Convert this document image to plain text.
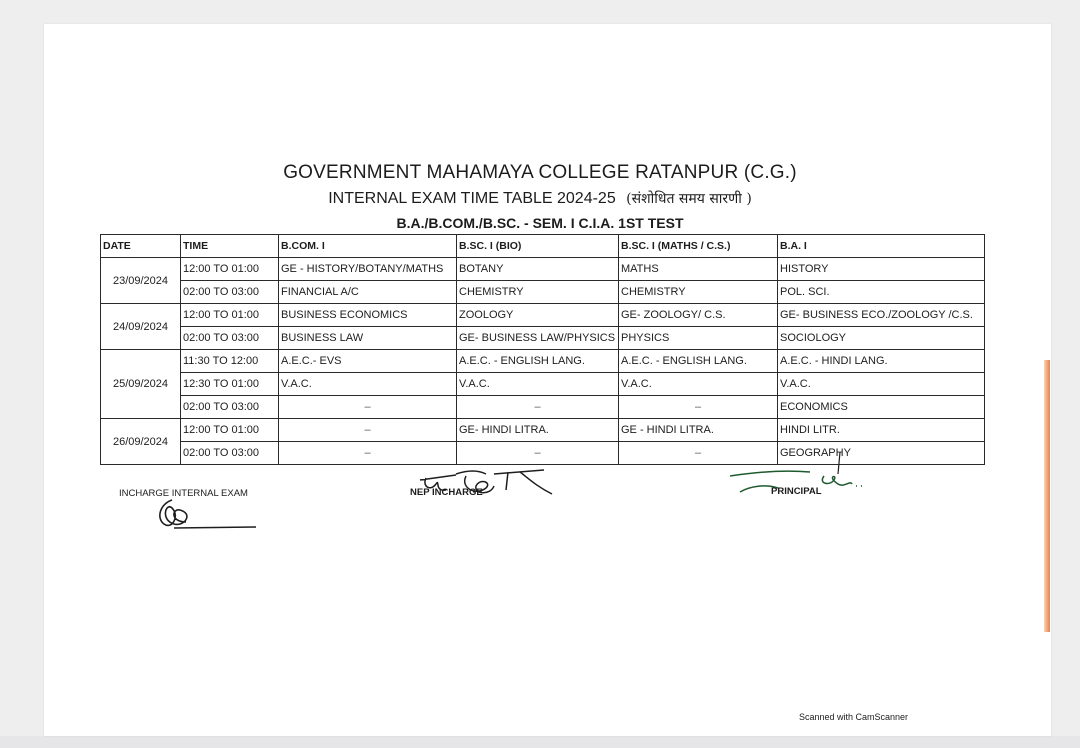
GOVERNMENT MAHAMAYA COLLEGE RATANPUR (C.G.)
INTERNAL EXAM TIME TABLE 2024-25 (संशोधित समय सारणी )
B.A./B.COM./B.SC. - SEM. I C.I.A. 1ST TEST
DATE	TIME	B.COM. I	B.SC. I (BIO)	B.SC. I (MATHS / C.S.)	B.A. I
23/09/2024	12:00 TO 01:00	GE - HISTORY/BOTANY/MATHS	BOTANY	MATHS	HISTORY
	02:00 TO 03:00	FINANCIAL A/C	CHEMISTRY	CHEMISTRY	POL. SCI.
24/09/2024	12:00 TO 01:00	BUSINESS ECONOMICS	ZOOLOGY	GE- ZOOLOGY/ C.S.	GE- BUSINESS ECO./ZOOLOGY /C.S.
	02:00 TO 03:00	BUSINESS LAW	GE- BUSINESS LAW/PHYSICS	PHYSICS	SOCIOLOGY
25/09/2024	11:30 TO 12:00	A.E.C.- EVS	A.E.C. - ENGLISH LANG.	A.E.C. - ENGLISH LANG.	A.E.C. - HINDI LANG.
	12:30 TO 01:00	V.A.C.	V.A.C.	V.A.C.	V.A.C.
	02:00 TO 03:00	–	–	–	ECONOMICS
26/09/2024	12:00 TO 01:00	–	GE- HINDI LITRA.	GE - HINDI LITRA.	HINDI LITR.
	02:00 TO 03:00	–	–	–	GEOGRAPHY
INCHARGE INTERNAL EXAM	NEP INCHARGE	PRINCIPAL
Scanned with CamScanner
